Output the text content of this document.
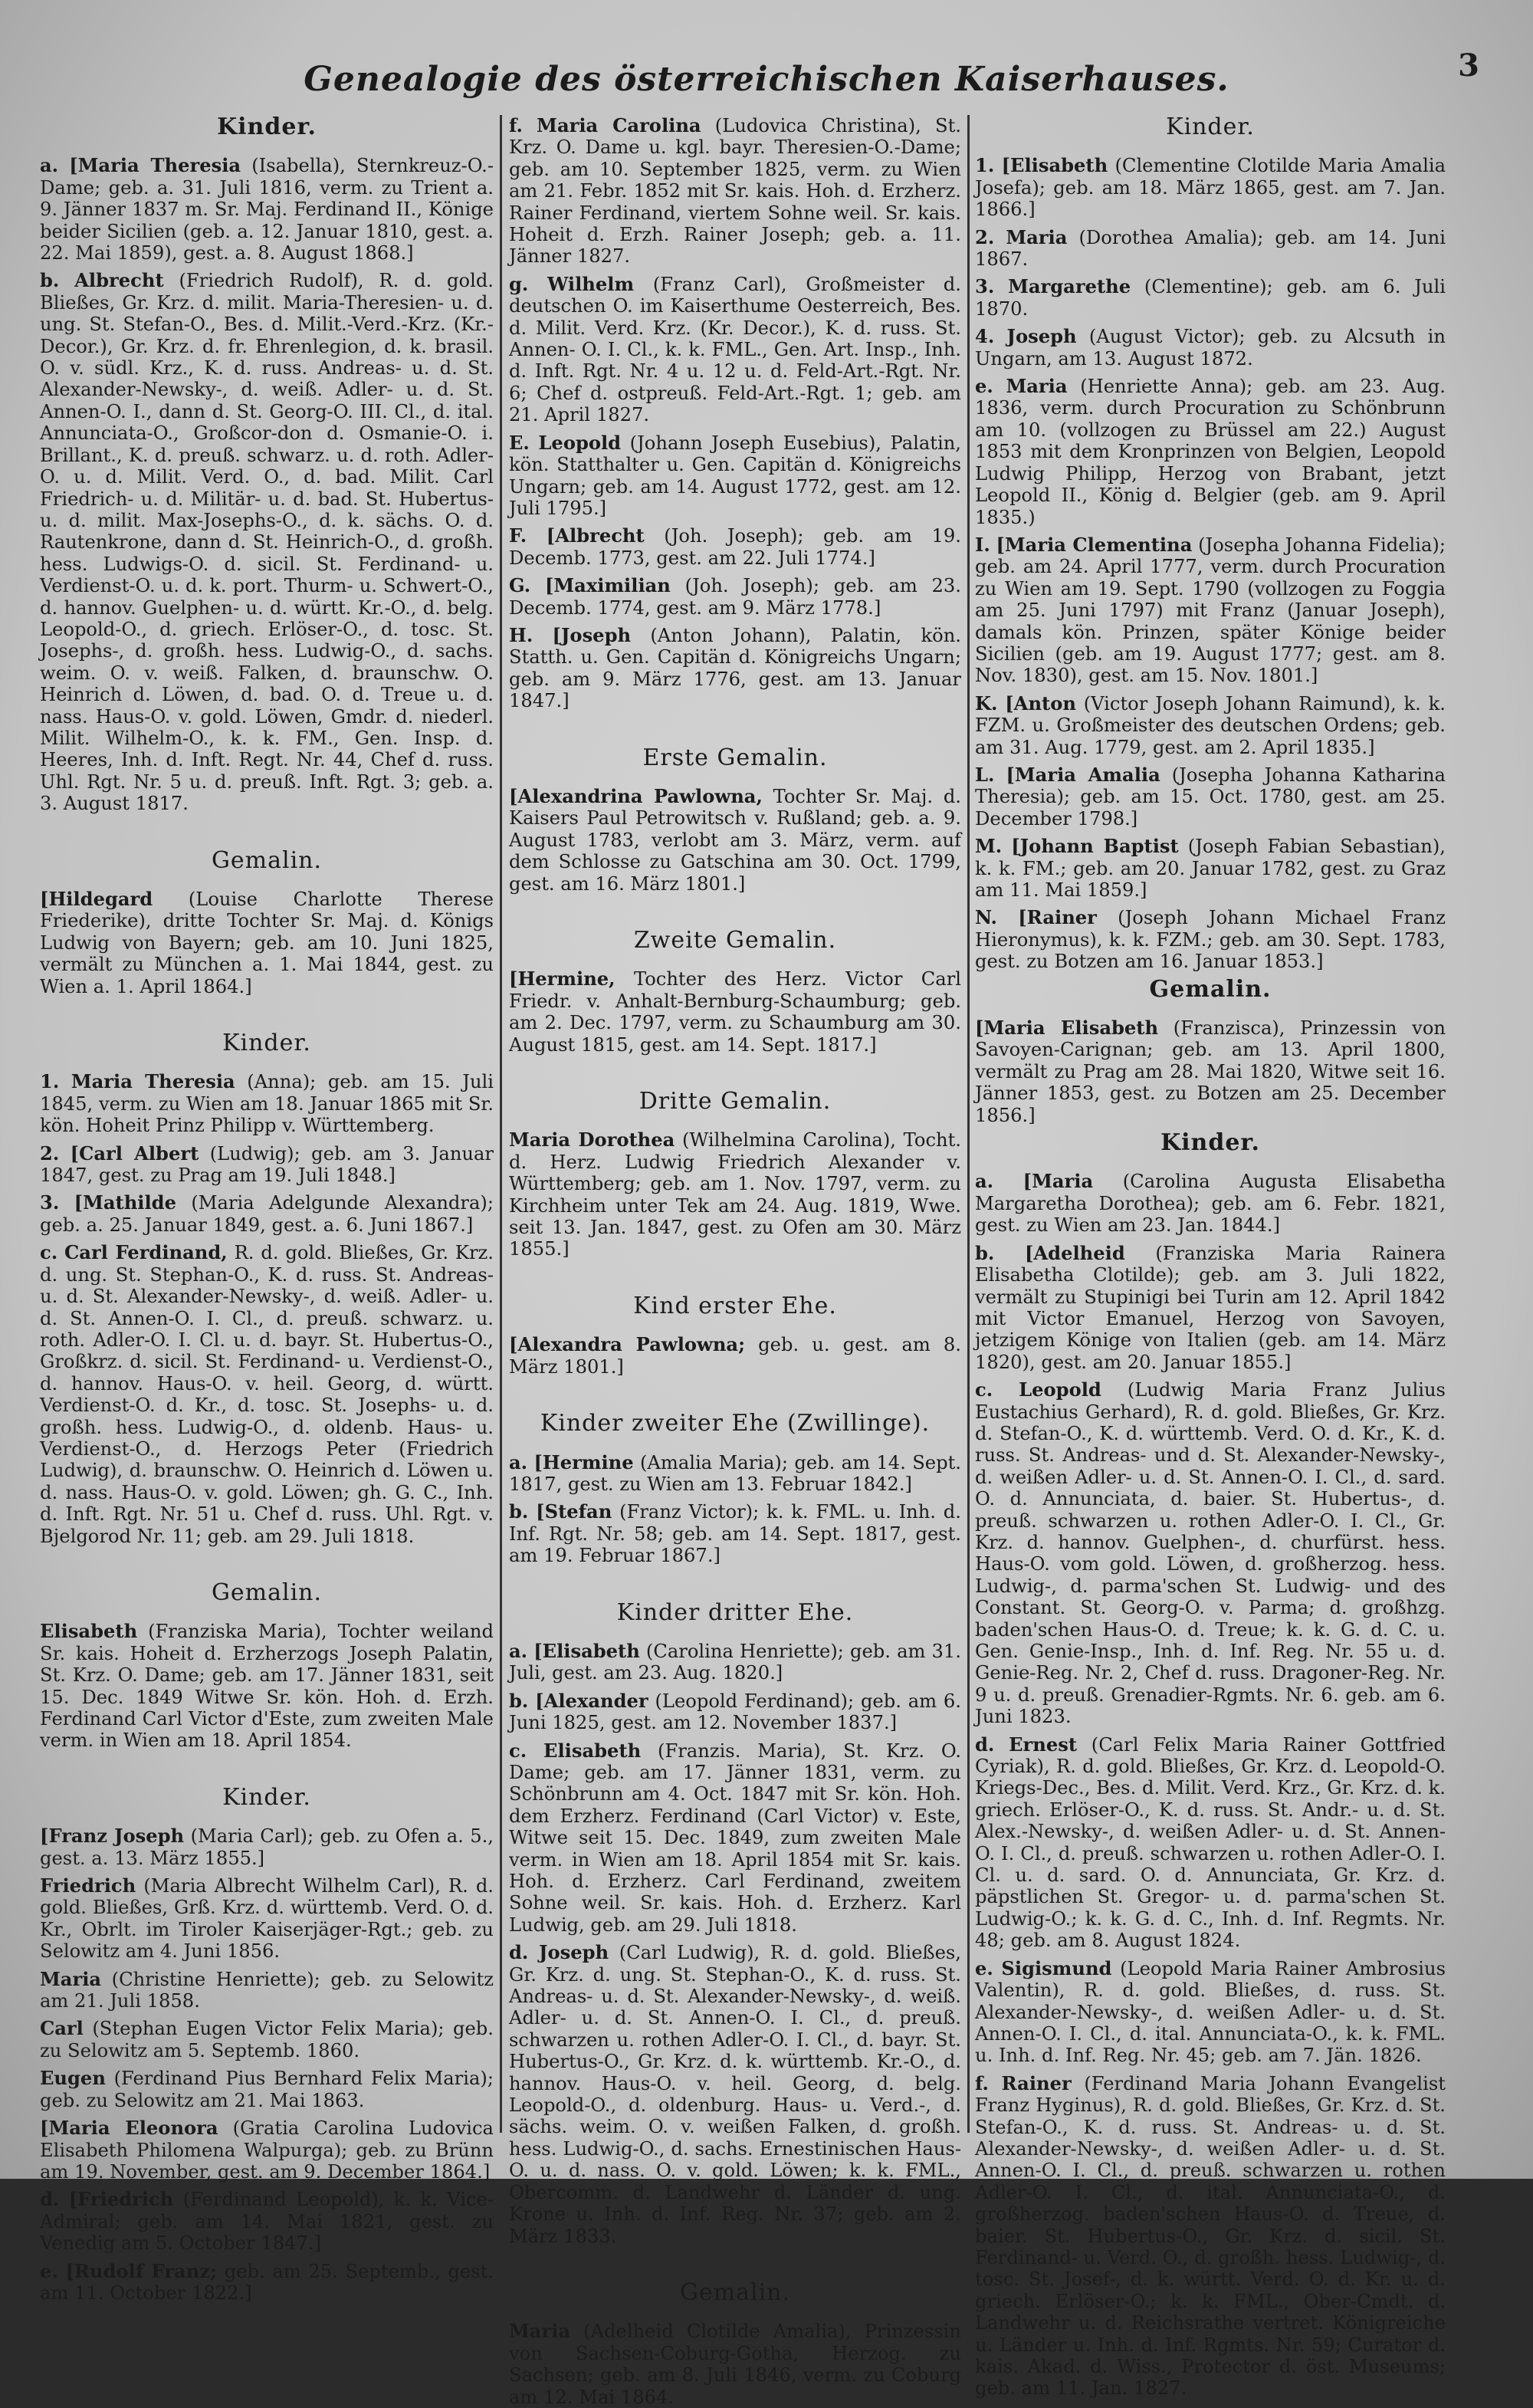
Genealogie des österreichischen Kaiserhauses.	3
Kinder.

a. [Maria Theresia (Isabella), Sternkreuz-O.-Dame; geb. a. 31. Juli 1816, verm. zu Trient a. 9. Jänner 1837 m. Sr. Maj. Ferdinand II., Könige beider Sicilien (geb. a. 12. Januar 1810, gest. a. 22. Mai 1859), gest. a. 8. August 1868.]

b. Albrecht (Friedrich Rudolf), R. d. gold. Bließes, Gr. Krz. d. milit. Maria-Theresien- u. d. ung. St. Stefan-O., Bes. d. Milit.-Verd.-Krz. (Kr.-Decor.), Gr. Krz. d. fr. Ehrenlegion, d. k. brasil. O. v. südl. Krz., K. d. russ. Andreas- u. d. St. Alexander-Newsky-, d. weiß. Adler- u. d. St. Annen-O. I., dann d. St. Georg-O. III. Cl., d. ital. Annunciata-O., Großcor-don d. Osmanie-O. i. Brillant., K. d. preuß. schwarz. u. d. roth. Adler-O. u. d. Milit. Verd. O., d. bad. Milit. Carl Friedrich- u. d. Militär- u. d. bad. St. Hubertus- u. d. milit. Max-Josephs-O., d. k. sächs. O. d. Rautenkrone, dann d. St. Heinrich-O., d. großh. hess. Ludwigs-O. d. sicil. St. Ferdinand- u. Verdienst-O. u. d. k. port. Thurm- u. Schwert-O., d. hannov. Guelphen- u. d. württ. Kr.-O., d. belg. Leopold-O., d. griech. Erlöser-O., d. tosc. St. Josephs-, d. großh. hess. Ludwig-O., d. sachs. weim. O. v. weiß. Falken, d. braunschw. O. Heinrich d. Löwen, d. bad. O. d. Treue u. d. nass. Haus-O. v. gold. Löwen, Gmdr. d. niederl. Milit. Wilhelm-O., k. k. FM., Gen. Insp. d. Heeres, Inh. d. Inft. Regt. Nr. 44, Chef d. russ. Uhl. Rgt. Nr. 5 u. d. preuß. Inft. Rgt. 3; geb. a. 3. August 1817.

Gemalin.

[Hildegard (Louise Charlotte Therese Friederike), dritte Tochter Sr. Maj. d. Königs Ludwig von Bayern; geb. am 10. Juni 1825, vermält zu München a. 1. Mai 1844, gest. zu Wien a. 1. April 1864.]

Kinder.

1. Maria Theresia (Anna); geb. am 15. Juli 1845, verm. zu Wien am 18. Januar 1865 mit Sr. kön. Hoheit Prinz Philipp v. Württemberg.

2. [Carl Albert (Ludwig); geb. am 3. Januar 1847, gest. zu Prag am 19. Juli 1848.]

3. [Mathilde (Maria Adelgunde Alexandra); geb. a. 25. Januar 1849, gest. a. 6. Juni 1867.]

c. Carl Ferdinand, R. d. gold. Bließes, Gr. Krz. d. ung. St. Stephan-O., K. d. russ. St. Andreas- u. d. St. Alexander-Newsky-, d. weiß. Adler- u. d. St. Annen-O. I. Cl., d. preuß. schwarz. u. roth. Adler-O. I. Cl. u. d. bayr. St. Hubertus-O., Großkrz. d. sicil. St. Ferdinand- u. Verdienst-O., d. hannov. Haus-O. v. heil. Georg, d. württ. Verdienst-O. d. Kr., d. tosc. St. Josephs- u. d. großh. hess. Ludwig-O., d. oldenb. Haus- u. Verdienst-O., d. Herzogs Peter (Friedrich Ludwig), d. braunschw. O. Heinrich d. Löwen u. d. nass. Haus-O. v. gold. Löwen; gh. G. C., Inh. d. Inft. Rgt. Nr. 51 u. Chef d. russ. Uhl. Rgt. v. Bjelgorod Nr. 11; geb. am 29. Juli 1818.

Gemalin.

Elisabeth (Franziska Maria), Tochter weiland Sr. kais. Hoheit d. Erzherzogs Joseph Palatin, St. Krz. O. Dame; geb. am 17. Jänner 1831, seit 15. Dec. 1849 Witwe Sr. kön. Hoh. d. Erzh. Ferdinand Carl Victor d'Este, zum zweiten Male verm. in Wien am 18. April 1854.

Kinder.

[Franz Joseph (Maria Carl); geb. zu Ofen a. 5., gest. a. 13. März 1855.]

Friedrich (Maria Albrecht Wilhelm Carl), R. d. gold. Bließes, Grß. Krz. d. württemb. Verd. O. d. Kr., Obrlt. im Tiroler Kaiserjäger-Rgt.; geb. zu Selowitz am 4. Juni 1856.

Maria (Christine Henriette); geb. zu Selowitz am 21. Juli 1858.

Carl (Stephan Eugen Victor Felix Maria); geb. zu Selowitz am 5. Septemb. 1860.

Eugen (Ferdinand Pius Bernhard Felix Maria); geb. zu Selowitz am 21. Mai 1863.

[Maria Eleonora (Gratia Carolina Ludovica Elisabeth Philomena Walpurga); geb. zu Brünn am 19. November, gest. am 9. December 1864.]

d. [Friedrich (Ferdinand Leopold), k. k. Vice-Admiral; geb. am 14. Mai 1821, gest. zu Venedig am 5. October 1847.]

e. [Rudolf Franz; geb. am 25. Septemb., gest. am 11. October 1822.]

f. Maria Carolina (Ludovica Christina), St. Krz. O. Dame u. kgl. bayr. Theresien-O.-Dame; geb. am 10. September 1825, verm. zu Wien am 21. Febr. 1852 mit Sr. kais. Hoh. d. Erzherz. Rainer Ferdinand, viertem Sohne weil. Sr. kais. Hoheit d. Erzh. Rainer Joseph; geb. a. 11. Jänner 1827.

g. Wilhelm (Franz Carl), Großmeister d. deutschen O. im Kaiserthume Oesterreich, Bes. d. Milit. Verd. Krz. (Kr. Decor.), K. d. russ. St. Annen- O. I. Cl., k. k. FML., Gen. Art. Insp., Inh. d. Inft. Rgt. Nr. 4 u. 12 u. d. Feld-Art.-Rgt. Nr. 6; Chef d. ostpreuß. Feld-Art.-Rgt. 1; geb. am 21. April 1827.

E. Leopold (Johann Joseph Eusebius), Palatin, kön. Statthalter u. Gen. Capitän d. Königreichs Ungarn; geb. am 14. August 1772, gest. am 12. Juli 1795.]

F. [Albrecht (Joh. Joseph); geb. am 19. Decemb. 1773, gest. am 22. Juli 1774.]

G. [Maximilian (Joh. Joseph); geb. am 23. Decemb. 1774, gest. am 9. März 1778.]

H. [Joseph (Anton Johann), Palatin, kön. Statth. u. Gen. Capitän d. Königreichs Ungarn; geb. am 9. März 1776, gest. am 13. Januar 1847.]

Erste Gemalin.

[Alexandrina Pawlowna, Tochter Sr. Maj. d. Kaisers Paul Petrowitsch v. Rußland; geb. a. 9. August 1783, verlobt am 3. März, verm. auf dem Schlosse zu Gatschina am 30. Oct. 1799, gest. am 16. März 1801.]

Zweite Gemalin.

[Hermine, Tochter des Herz. Victor Carl Friedr. v. Anhalt-Bernburg-Schaumburg; geb. am 2. Dec. 1797, verm. zu Schaumburg am 30. August 1815, gest. am 14. Sept. 1817.]

Dritte Gemalin.

Maria Dorothea (Wilhelmina Carolina), Tocht. d. Herz. Ludwig Friedrich Alexander v. Württemberg; geb. am 1. Nov. 1797, verm. zu Kirchheim unter Tek am 24. Aug. 1819, Wwe. seit 13. Jan. 1847, gest. zu Ofen am 30. März 1855.]

Kind erster Ehe.

[Alexandra Pawlowna; geb. u. gest. am 8. März 1801.]

Kinder zweiter Ehe (Zwillinge).

a. [Hermine (Amalia Maria); geb. am 14. Sept. 1817, gest. zu Wien am 13. Februar 1842.]

b. [Stefan (Franz Victor); k. k. FML. u. Inh. d. Inf. Rgt. Nr. 58; geb. am 14. Sept. 1817, gest. am 19. Februar 1867.]

Kinder dritter Ehe.

a. [Elisabeth (Carolina Henriette); geb. am 31. Juli, gest. am 23. Aug. 1820.]

b. [Alexander (Leopold Ferdinand); geb. am 6. Juni 1825, gest. am 12. November 1837.]

c. Elisabeth (Franzis. Maria), St. Krz. O. Dame; geb. am 17. Jänner 1831, verm. zu Schönbrunn am 4. Oct. 1847 mit Sr. kön. Hoh. dem Erzherz. Ferdinand (Carl Victor) v. Este, Witwe seit 15. Dec. 1849, zum zweiten Male verm. in Wien am 18. April 1854 mit Sr. kais. Hoh. d. Erzherz. Carl Ferdinand, zweitem Sohne weil. Sr. kais. Hoh. d. Erzherz. Karl Ludwig, geb. am 29. Juli 1818.

d. Joseph (Carl Ludwig), R. d. gold. Bließes, Gr. Krz. d. ung. St. Stephan-O., K. d. russ. St. Andreas- u. d. St. Alexander-Newsky-, d. weiß. Adler- u. d. St. Annen-O. I. Cl., d. preuß. schwarzen u. rothen Adler-O. I. Cl., d. bayr. St. Hubertus-O., Gr. Krz. d. k. württemb. Kr.-O., d. hannov. Haus-O. v. heil. Georg, d. belg. Leopold-O., d. oldenburg. Haus- u. Verd.-, d. sächs. weim. O. v. weißen Falken, d. großh. hess. Ludwig-O., d. sachs. Ernestinischen Haus-O. u. d. nass. O. v. gold. Löwen; k. k. FML., Obercomm. d. Landwehr d. Länder d. ung. Krone u. Inh. d. Inf. Reg. Nr. 37; geb. am 2. März 1833.

Gemalin.

Maria (Adelheid Clotilde Amalia), Prinzessin von Sachsen-Coburg-Gotha, Herzog. zu Sachsen; geb. am 8. Juli 1846, verm. zu Coburg am 12. Mai 1864.

Kinder.

1. [Elisabeth (Clementine Clotilde Maria Amalia Josefa); geb. am 18. März 1865, gest. am 7. Jan. 1866.]

2. Maria (Dorothea Amalia); geb. am 14. Juni 1867.

3. Margarethe (Clementine); geb. am 6. Juli 1870.

4. Joseph (August Victor); geb. zu Alcsuth in Ungarn, am 13. August 1872.

e. Maria (Henriette Anna); geb. am 23. Aug. 1836, verm. durch Procuration zu Schönbrunn am 10. (vollzogen zu Brüssel am 22.) August 1853 mit dem Kronprinzen von Belgien, Leopold Ludwig Philipp, Herzog von Brabant, jetzt Leopold II., König d. Belgier (geb. am 9. April 1835.)

I. [Maria Clementina (Josepha Johanna Fidelia); geb. am 24. April 1777, verm. durch Procuration zu Wien am 19. Sept. 1790 (vollzogen zu Foggia am 25. Juni 1797) mit Franz (Januar Joseph), damals kön. Prinzen, später Könige beider Sicilien (geb. am 19. August 1777; gest. am 8. Nov. 1830), gest. am 15. Nov. 1801.]

K. [Anton (Victor Joseph Johann Raimund), k. k. FZM. u. Großmeister des deutschen Ordens; geb. am 31. Aug. 1779, gest. am 2. April 1835.]

L. [Maria Amalia (Josepha Johanna Katharina Theresia); geb. am 15. Oct. 1780, gest. am 25. December 1798.]

M. [Johann Baptist (Joseph Fabian Sebastian), k. k. FM.; geb. am 20. Januar 1782, gest. zu Graz am 11. Mai 1859.]

N. [Rainer (Joseph Johann Michael Franz Hieronymus), k. k. FZM.; geb. am 30. Sept. 1783, gest. zu Botzen am 16. Januar 1853.]

Gemalin.

[Maria Elisabeth (Franzisca), Prinzessin von Savoyen-Carignan; geb. am 13. April 1800, vermält zu Prag am 28. Mai 1820, Witwe seit 16. Jänner 1853, gest. zu Botzen am 25. December 1856.]

Kinder.

a. [Maria (Carolina Augusta Elisabetha Margaretha Dorothea); geb. am 6. Febr. 1821, gest. zu Wien am 23. Jan. 1844.]

b. [Adelheid (Franziska Maria Rainera Elisabetha Clotilde); geb. am 3. Juli 1822, vermält zu Stupinigi bei Turin am 12. April 1842 mit Victor Emanuel, Herzog von Savoyen, jetzigem Könige von Italien (geb. am 14. März 1820), gest. am 20. Januar 1855.]

c. Leopold (Ludwig Maria Franz Julius Eustachius Gerhard), R. d. gold. Bließes, Gr. Krz. d. Stefan-O., K. d. württemb. Verd. O. d. Kr., K. d. russ. St. Andreas- und d. St. Alexander-Newsky-, d. weißen Adler- u. d. St. Annen-O. I. Cl., d. sard. O. d. Annunciata, d. baier. St. Hubertus-, d. preuß. schwarzen u. rothen Adler-O. I. Cl., Gr. Krz. d. hannov. Guelphen-, d. churfürst. hess. Haus-O. vom gold. Löwen, d. großherzog. hess. Ludwig-, d. parma'schen St. Ludwig- und des Constant. St. Georg-O. v. Parma; d. großhzg. baden'schen Haus-O. d. Treue; k. k. G. d. C. u. Gen. Genie-Insp., Inh. d. Inf. Reg. Nr. 55 u. d. Genie-Reg. Nr. 2, Chef d. russ. Dragoner-Reg. Nr. 9 u. d. preuß. Grenadier-Rgmts. Nr. 6. geb. am 6. Juni 1823.

d. Ernest (Carl Felix Maria Rainer Gottfried Cyriak), R. d. gold. Bließes, Gr. Krz. d. Leopold-O. Kriegs-Dec., Bes. d. Milit. Verd. Krz., Gr. Krz. d. k. griech. Erlöser-O., K. d. russ. St. Andr.- u. d. St. Alex.-Newsky-, d. weißen Adler- u. d. St. Annen-O. I. Cl., d. preuß. schwarzen u. rothen Adler-O. I. Cl. u. d. sard. O. d. Annunciata, Gr. Krz. d. päpstlichen St. Gregor- u. d. parma'schen St. Ludwig-O.; k. k. G. d. C., Inh. d. Inf. Regmts. Nr. 48; geb. am 8. August 1824.

e. Sigismund (Leopold Maria Rainer Ambrosius Valentin), R. d. gold. Bließes, d. russ. St. Alexander-Newsky-, d. weißen Adler- u. d. St. Annen-O. I. Cl., d. ital. Annunciata-O., k. k. FML. u. Inh. d. Inf. Reg. Nr. 45; geb. am 7. Jän. 1826.

f. Rainer (Ferdinand Maria Johann Evangelist Franz Hyginus), R. d. gold. Bließes, Gr. Krz. d. St. Stefan-O., K. d. russ. St. Andreas- u. d. St. Alexander-Newsky-, d. weißen Adler- u. d. St. Annen-O. I. Cl., d. preuß. schwarzen u. rothen Adler-O. I. Cl., d. ital. Annunciata-O., d. großherzog. baden'schen Haus-O. d. Treue, d. baier. St. Hubertus-O., Gr. Krz. d. sicil. St. Ferdinand- u. Verd. O., d. großh. hess. Ludwig-, d. tosc. St. Josef-, d. k. württ. Verd. O. d. Kr. u. d. griech. Erlöser-O.; k. k. FML., Ober-Cmdt. d. Landwehr u. d. Reichsrathe vertret. Königreiche u. Länder u. Inh. d. Inf. Rgmts. Nr. 59; Curator d. kais. Akad. d. Wiss., Protector d. öst. Museums; geb. am 11. Jan. 1827.
